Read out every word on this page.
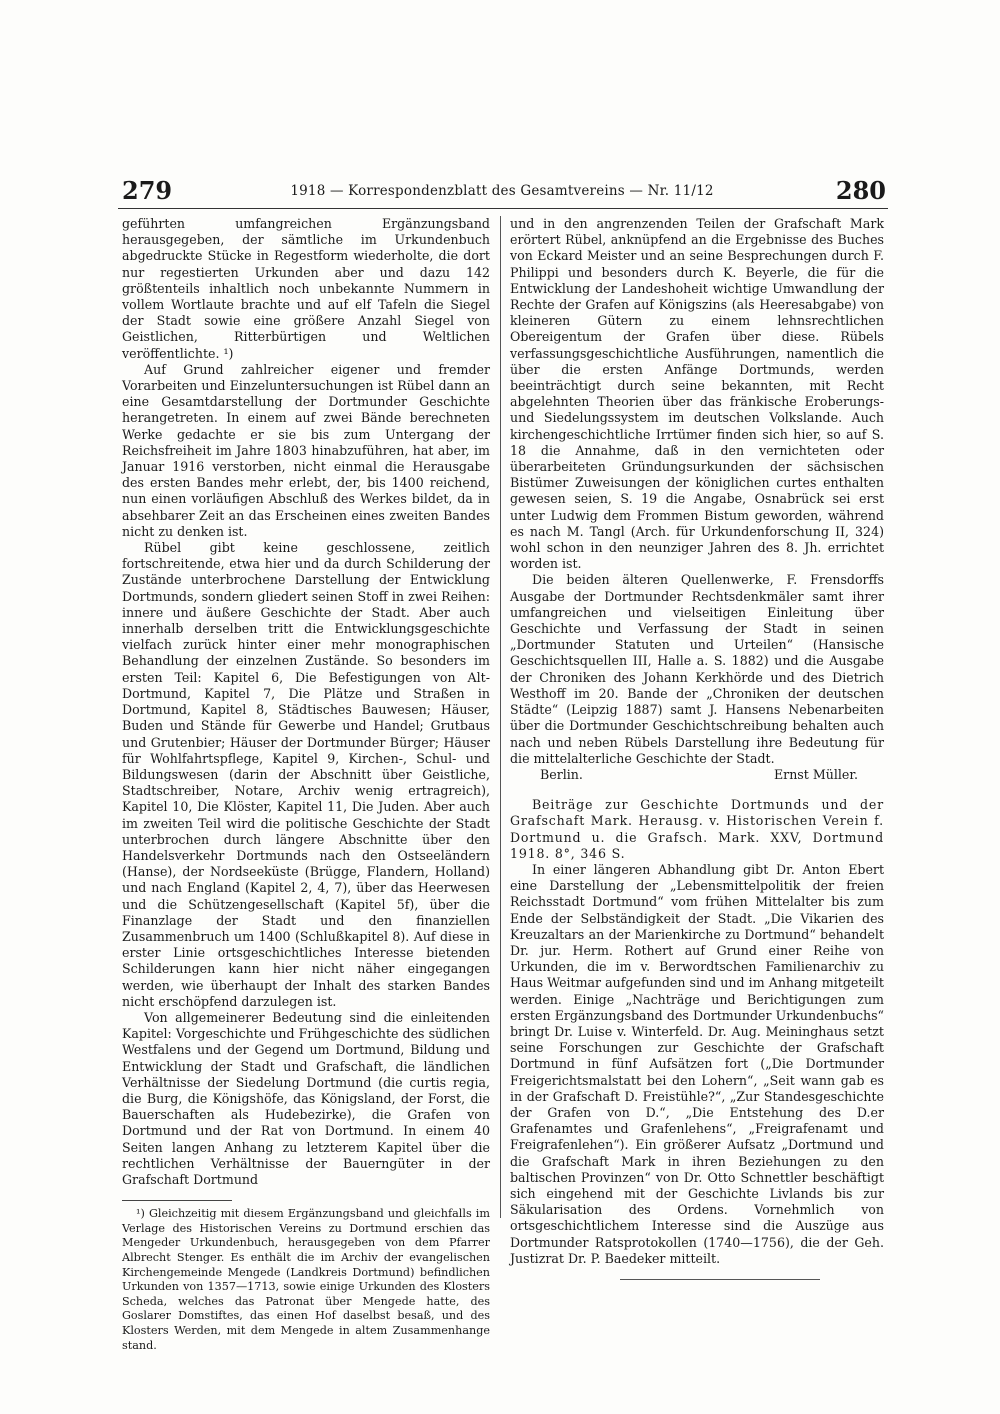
279	1918 — Korrespondenzblatt des Gesamtvereins — Nr. 11/12	280

geführten umfangreichen Ergänzungsband herausgegeben, der sämtliche im Urkundenbuch abgedruckte Stücke in Regestform wiederholte, die dort nur regestierten Urkunden aber und dazu 142 größtenteils inhaltlich noch unbekannte Nummern in vollem Wortlaute brachte und auf elf Tafeln die Siegel der Stadt sowie eine größere Anzahl Siegel von Geistlichen, Ritterbürtigen und Weltlichen veröffentlichte. ¹)

Auf Grund zahlreicher eigener und fremder Vorarbeiten und Einzeluntersuchungen ist Rübel dann an eine Gesamtdarstellung der Dortmunder Geschichte herangetreten. In einem auf zwei Bände berechneten Werke gedachte er sie bis zum Untergang der Reichsfreiheit im Jahre 1803 hinabzuführen, hat aber, im Januar 1916 verstorben, nicht einmal die Herausgabe des ersten Bandes mehr erlebt, der, bis 1400 reichend, nun einen vorläufigen Abschluß des Werkes bildet, da in absehbarer Zeit an das Erscheinen eines zweiten Bandes nicht zu denken ist.

Rübel gibt keine geschlossene, zeitlich fortschreitende, etwa hier und da durch Schilderung der Zustände unterbrochene Darstellung der Entwicklung Dortmunds, sondern gliedert seinen Stoff in zwei Reihen: innere und äußere Geschichte der Stadt. Aber auch innerhalb derselben tritt die Entwicklungsgeschichte vielfach zurück hinter einer mehr monographischen Behandlung der einzelnen Zustände. So besonders im ersten Teil: Kapitel 6, Die Befestigungen von Alt-Dortmund, Kapitel 7, Die Plätze und Straßen in Dortmund, Kapitel 8, Städtisches Bauwesen; Häuser, Buden und Stände für Gewerbe und Handel; Grutbaus und Grutenbier; Häuser der Dortmunder Bürger; Häuser für Wohlfahrtspflege, Kapitel 9, Kirchen-, Schul- und Bildungswesen (darin der Abschnitt über Geistliche, Stadtschreiber, Notare, Archiv wenig ertragreich), Kapitel 10, Die Klöster, Kapitel 11, Die Juden. Aber auch im zweiten Teil wird die politische Geschichte der Stadt unterbrochen durch längere Abschnitte über den Handelsverkehr Dortmunds nach den Ostseeländern (Hanse), der Nordseeküste (Brügge, Flandern, Holland) und nach England (Kapitel 2, 4, 7), über das Heerwesen und die Schützengesellschaft (Kapitel 5f), über die Finanzlage der Stadt und den finanziellen Zusammenbruch um 1400 (Schlußkapitel 8). Auf diese in erster Linie ortsgeschichtliches Interesse bietenden Schilderungen kann hier nicht näher eingegangen werden, wie überhaupt der Inhalt des starken Bandes nicht erschöpfend darzulegen ist.

Von allgemeinerer Bedeutung sind die einleitenden Kapitel: Vorgeschichte und Frühgeschichte des südlichen Westfalens und der Gegend um Dortmund, Bildung und Entwicklung der Stadt und Grafschaft, die ländlichen Verhältnisse der Siedelung Dortmund (die curtis regia, die Burg, die Königshöfe, das Königsland, der Forst, die Bauerschaften als Hudebezirke), die Grafen von Dortmund und der Rat von Dortmund. In einem 40 Seiten langen Anhang zu letzterem Kapitel über die rechtlichen Verhältnisse der Bauerngüter in der Grafschaft Dortmund

¹) Gleichzeitig mit diesem Ergänzungsband und gleichfalls im Verlage des Historischen Vereins zu Dortmund erschien das Mengeder Urkundenbuch, herausgegeben von dem Pfarrer Albrecht Stenger. Es enthält die im Archiv der evangelischen Kirchengemeinde Mengede (Landkreis Dortmund) befindlichen Urkunden von 1357—1713, sowie einige Urkunden des Klosters Scheda, welches das Patronat über Mengede hatte, des Goslarer Domstiftes, das einen Hof daselbst besaß, und des Klosters Werden, mit dem Mengede in altem Zusammenhange stand.

und in den angrenzenden Teilen der Grafschaft Mark erörtert Rübel, anknüpfend an die Ergebnisse des Buches von Eckard Meister und an seine Besprechungen durch F. Philippi und besonders durch K. Beyerle, die für die Entwicklung der Landeshoheit wichtige Umwandlung der Rechte der Grafen auf Königszins (als Heeresabgabe) von kleineren Gütern zu einem lehnsrechtlichen Obereigentum der Grafen über diese. Rübels verfassungsgeschichtliche Ausführungen, namentlich die über die ersten Anfänge Dortmunds, werden beeinträchtigt durch seine bekannten, mit Recht abgelehnten Theorien über das fränkische Eroberungs- und Siedelungssystem im deutschen Volkslande. Auch kirchengeschichtliche Irrtümer finden sich hier, so auf S. 18 die Annahme, daß in den vernichteten oder überarbeiteten Gründungsurkunden der sächsischen Bistümer Zuweisungen der königlichen curtes enthalten gewesen seien, S. 19 die Angabe, Osnabrück sei erst unter Ludwig dem Frommen Bistum geworden, während es nach M. Tangl (Arch. für Urkundenforschung II, 324) wohl schon in den neunziger Jahren des 8. Jh. errichtet worden ist.

Die beiden älteren Quellenwerke, F. Frensdorffs Ausgabe der Dortmunder Rechtsdenkmäler samt ihrer umfangreichen und vielseitigen Einleitung über Geschichte und Verfassung der Stadt in seinen „Dortmunder Statuten und Urteilen“ (Hansische Geschichtsquellen III, Halle a. S. 1882) und die Ausgabe der Chroniken des Johann Kerkhörde und des Dietrich Westhoff im 20. Bande der „Chroniken der deutschen Städte“ (Leipzig 1887) samt J. Hansens Nebenarbeiten über die Dortmunder Geschichtschreibung behalten auch nach und neben Rübels Darstellung ihre Bedeutung für die mittelalterliche Geschichte der Stadt.

Berlin.	Ernst Müller.

Beiträge zur Geschichte Dortmunds und der Grafschaft Mark. Herausg. v. Historischen Verein f. Dortmund u. die Grafsch. Mark. XXV, Dortmund 1918. 8°, 346 S.

In einer längeren Abhandlung gibt Dr. Anton Ebert eine Darstellung der „Lebensmittelpolitik der freien Reichsstadt Dortmund“ vom frühen Mittelalter bis zum Ende der Selbständigkeit der Stadt. „Die Vikarien des Kreuzaltars an der Marienkirche zu Dortmund“ behandelt Dr. jur. Herm. Rothert auf Grund einer Reihe von Urkunden, die im v. Berwordtschen Familienarchiv zu Haus Weitmar aufgefunden sind und im Anhang mitgeteilt werden. Einige „Nachträge und Berichtigungen zum ersten Ergänzungsband des Dortmunder Urkundenbuchs“ bringt Dr. Luise v. Winterfeld. Dr. Aug. Meininghaus setzt seine Forschungen zur Geschichte der Grafschaft Dortmund in fünf Aufsätzen fort („Die Dortmunder Freigerichtsmalstatt bei den Lohern“, „Seit wann gab es in der Grafschaft D. Freistühle?“, „Zur Standesgeschichte der Grafen von D.“, „Die Entstehung des D.er Grafenamtes und Grafenlehens“, „Freigrafenamt und Freigrafenlehen“). Ein größerer Aufsatz „Dortmund und die Grafschaft Mark in ihren Beziehungen zu den baltischen Provinzen“ von Dr. Otto Schnettler beschäftigt sich eingehend mit der Geschichte Livlands bis zur Säkularisation des Ordens. Vornehmlich von ortsgeschichtlichem Interesse sind die Auszüge aus Dortmunder Ratsprotokollen (1740—1756), die der Geh. Justizrat Dr. P. Baedeker mitteilt.
